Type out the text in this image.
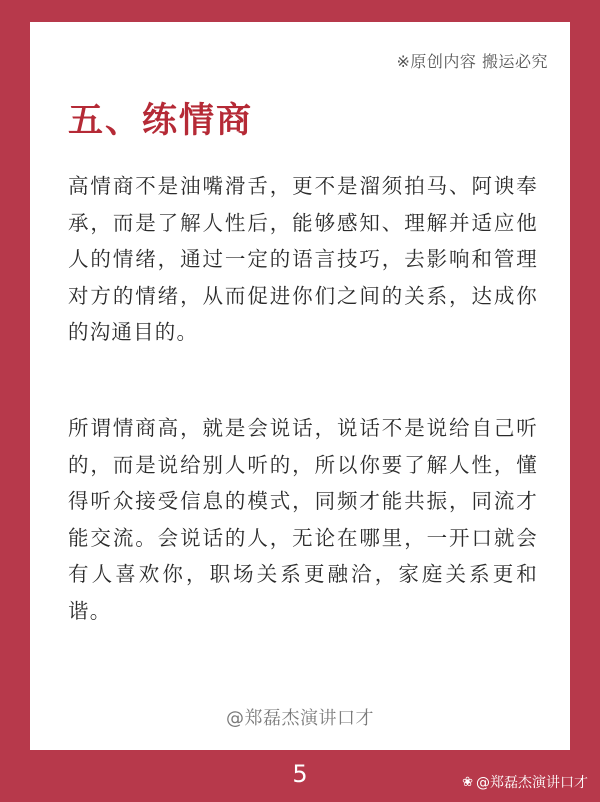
※原创内容 搬运必究
五、练情商

高情商不是油嘴滑舌，更不是溜须拍马、阿谀奉承，而是了解人性后，能够感知、理解并适应他人的情绪，通过一定的语言技巧，去影响和管理对方的情绪，从而促进你们之间的关系，达成你的沟通目的。

所谓情商高，就是会说话，说话不是说给自己听的，而是说给别人听的，所以你要了解人性，懂得听众接受信息的模式，同频才能共振，同流才能交流。会说话的人，无论在哪里，一开口就会有人喜欢你，职场关系更融洽，家庭关系更和谐。

@郑磊杰演讲口才
5	❀ @郑磊杰演讲口才
